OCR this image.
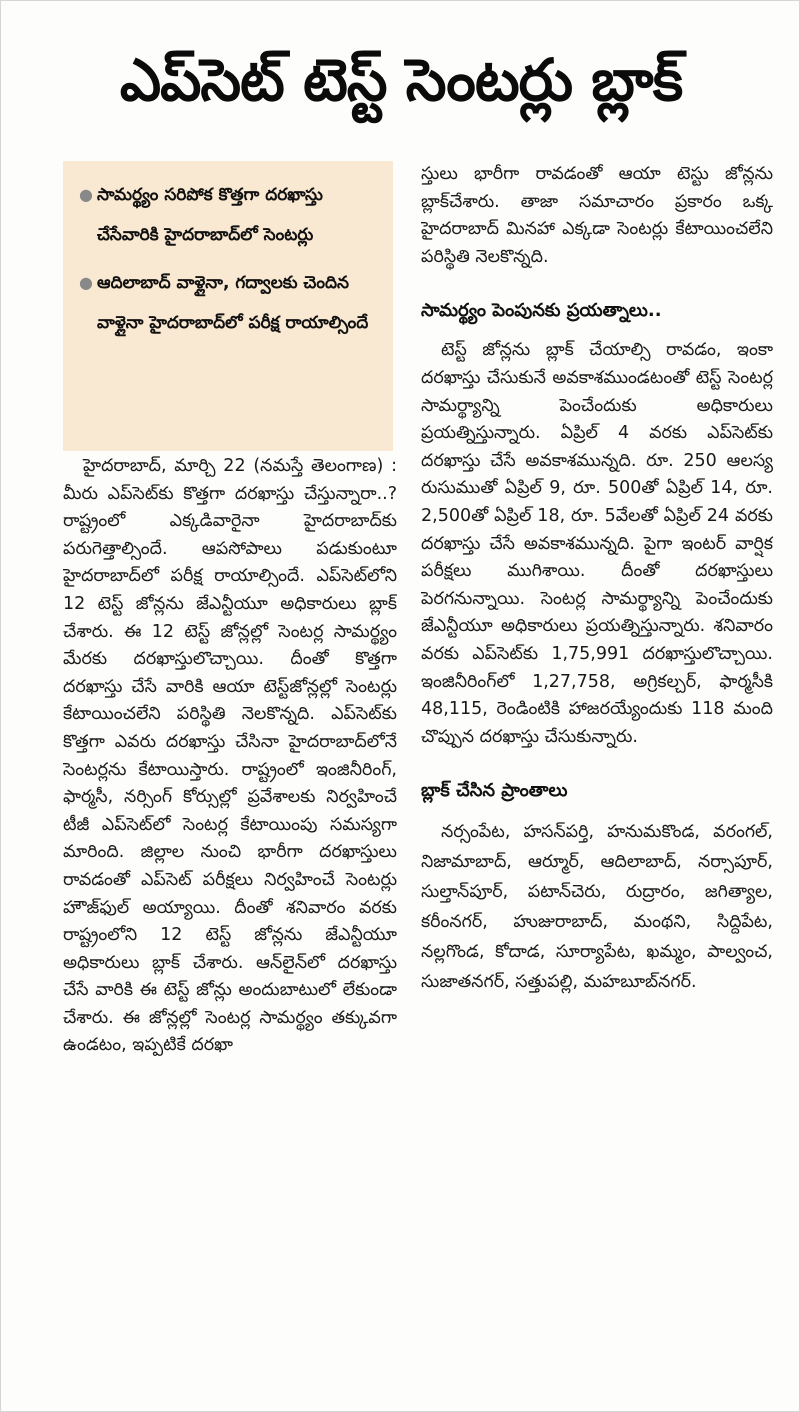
ఎప్‌సెట్ టెస్ట్ సెంటర్లు బ్లాక్
● సామర్థ్యం సరిపోక కొత్తగా దరఖాస్తు చేసేవారికి హైదరాబాద్‌లో సెంటర్లు
● ఆదిలాబాద్ వాళ్లైనా, గద్వాలకు చెందిన వాళ్లైనా హైదరాబాద్‌లో పరీక్ష రాయాల్సిందే

హైదరాబాద్, మార్చి 22 (నమస్తే తెలంగాణ) : మీరు ఎప్‌సెట్‌కు కొత్తగా దరఖాస్తు చేస్తున్నారా..? రాష్ట్రంలో ఎక్కడివారైనా హైదరాబాద్‌కు పరుగెత్తాల్సిందే. ఆపసోపాలు పడుకుంటూ హైదరాబాద్‌లో పరీక్ష రాయాల్సిందే. ఎప్‌సెట్‌లోని 12 టెస్ట్ జోన్లను జేఎన్టీయూ అధికారులు బ్లాక్ చేశారు. ఈ 12 టెస్ట్ జోన్లల్లో సెంటర్ల సామర్థ్యం మేరకు దరఖాస్తులొచ్చాయి. దీంతో కొత్తగా దరఖాస్తు చేసే వారికి ఆయా టెస్ట్‌జోన్లల్లో సెంటర్లు కేటాయించలేని పరిస్థితి నెలకొన్నది. ఎప్‌సెట్‌కు కొత్తగా ఎవరు దరఖాస్తు చేసినా హైదరాబాద్‌లోనే సెంటర్లను కేటాయిస్తారు. రాష్ట్రంలో ఇంజినీరింగ్, ఫార్మసీ, నర్సింగ్ కోర్సుల్లో ప్రవేశాలకు నిర్వహించే టీజీ ఎప్‌సెట్‌లో సెంటర్ల కేటాయింపు సమస్యగా మారింది. జిల్లాల నుంచి భారీగా దరఖాస్తులు రావడంతో ఎప్‌సెట్ పరీక్షలు నిర్వహించే సెంటర్లు హౌజ్‌ఫుల్ అయ్యాయి. దీంతో శనివారం వరకు రాష్ట్రంలోని 12 టెస్ట్ జోన్లను జేఎన్టీయూ అధికారులు బ్లాక్ చేశారు. ఆన్‌లైన్‌లో దరఖాస్తు చేసే వారికి ఈ టెస్ట్ జోన్లు అందుబాటులో లేకుండా చేశారు. ఈ జోన్లల్లో సెంటర్ల సామర్థ్యం తక్కువగా ఉండటం, ఇప్పటికే దరఖా

స్తులు భారీగా రావడంతో ఆయా టెస్టు జోన్లను బ్లాక్‌చేశారు. తాజా సమాచారం ప్రకారం ఒక్క హైదరాబాద్ మినహా ఎక్కడా సెంటర్లు కేటాయించలేని పరిస్థితి నెలకొన్నది.

సామర్థ్యం పెంపునకు ప్రయత్నాలు..

టెస్ట్ జోన్లను బ్లాక్ చేయాల్సి రావడం, ఇంకా దరఖాస్తు చేసుకునే అవకాశముండటంతో టెస్ట్ సెంటర్ల సామర్థ్యాన్ని పెంచేందుకు అధికారులు ప్రయత్నిస్తున్నారు. ఏప్రిల్ 4 వరకు ఎప్‌సెట్‌కు దరఖాస్తు చేసే అవకాశమున్నది. రూ. 250 ఆలస్య రుసుముతో ఏప్రిల్ 9, రూ. 500తో ఏప్రిల్ 14, రూ. 2,500తో ఏప్రిల్ 18, రూ. 5వేలతో ఏప్రిల్ 24 వరకు దరఖాస్తు చేసే అవకాశమున్నది. పైగా ఇంటర్ వార్షిక పరీక్షలు ముగిశాయి. దీంతో దరఖాస్తులు పెరగనున్నాయి. సెంటర్ల సామర్థ్యాన్ని పెంచేందుకు జేఎన్టీయూ అధికారులు ప్రయత్నిస్తున్నారు. శనివారం వరకు ఎప్‌సెట్‌కు 1,75,991 దరఖాస్తులొచ్చాయి. ఇంజినీరింగ్‌లో 1,27,758, అగ్రికల్చర్, ఫార్మసీకి 48,115, రెండింటికి హాజరయ్యేందుకు 118 మంది చొప్పున దరఖాస్తు చేసుకున్నారు.

బ్లాక్ చేసిన ప్రాంతాలు

నర్సంపేట, హసన్‌పర్తి, హనుమకొండ, వరంగల్, నిజామాబాద్, ఆర్మూర్, ఆదిలాబాద్, నర్సాపూర్, సుల్తాన్‌పూర్, పటాన్‌చెరు, రుద్రారం, జగిత్యాల, కరీంనగర్, హుజురాబాద్, మంథని, సిద్దిపేట, నల్లగొండ, కోదాడ, సూర్యాపేట, ఖమ్మం, పాల్వంచ, సుజాతనగర్, సత్తుపల్లి, మహబూబ్‌నగర్.
